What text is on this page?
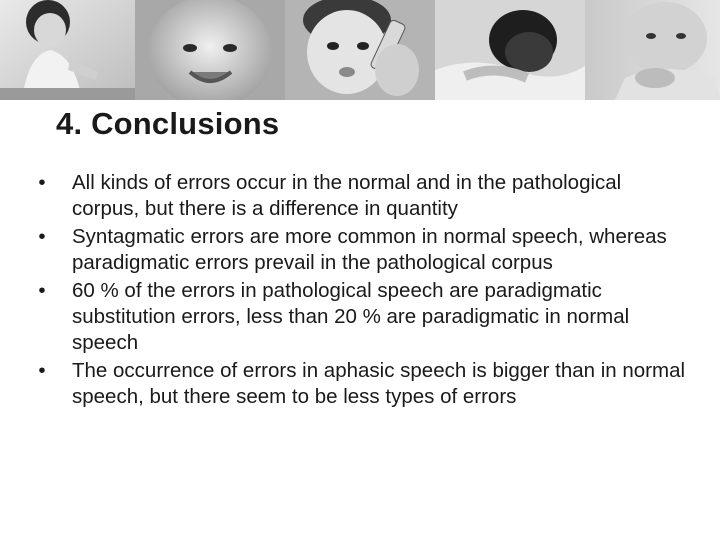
4. Conclusions
•	All kinds of errors occur in the normal and in the pathological corpus, but there is a difference in quantity
•	Syntagmatic errors are more common in normal speech, whereas paradigmatic errors prevail in the pathological corpus
•	60 % of the errors in pathological speech are paradigmatic substitution errors, less than 20 % are paradigmatic in normal speech
•	The occurrence of errors in aphasic speech is bigger than in normal speech, but there seem to be less types of errors
